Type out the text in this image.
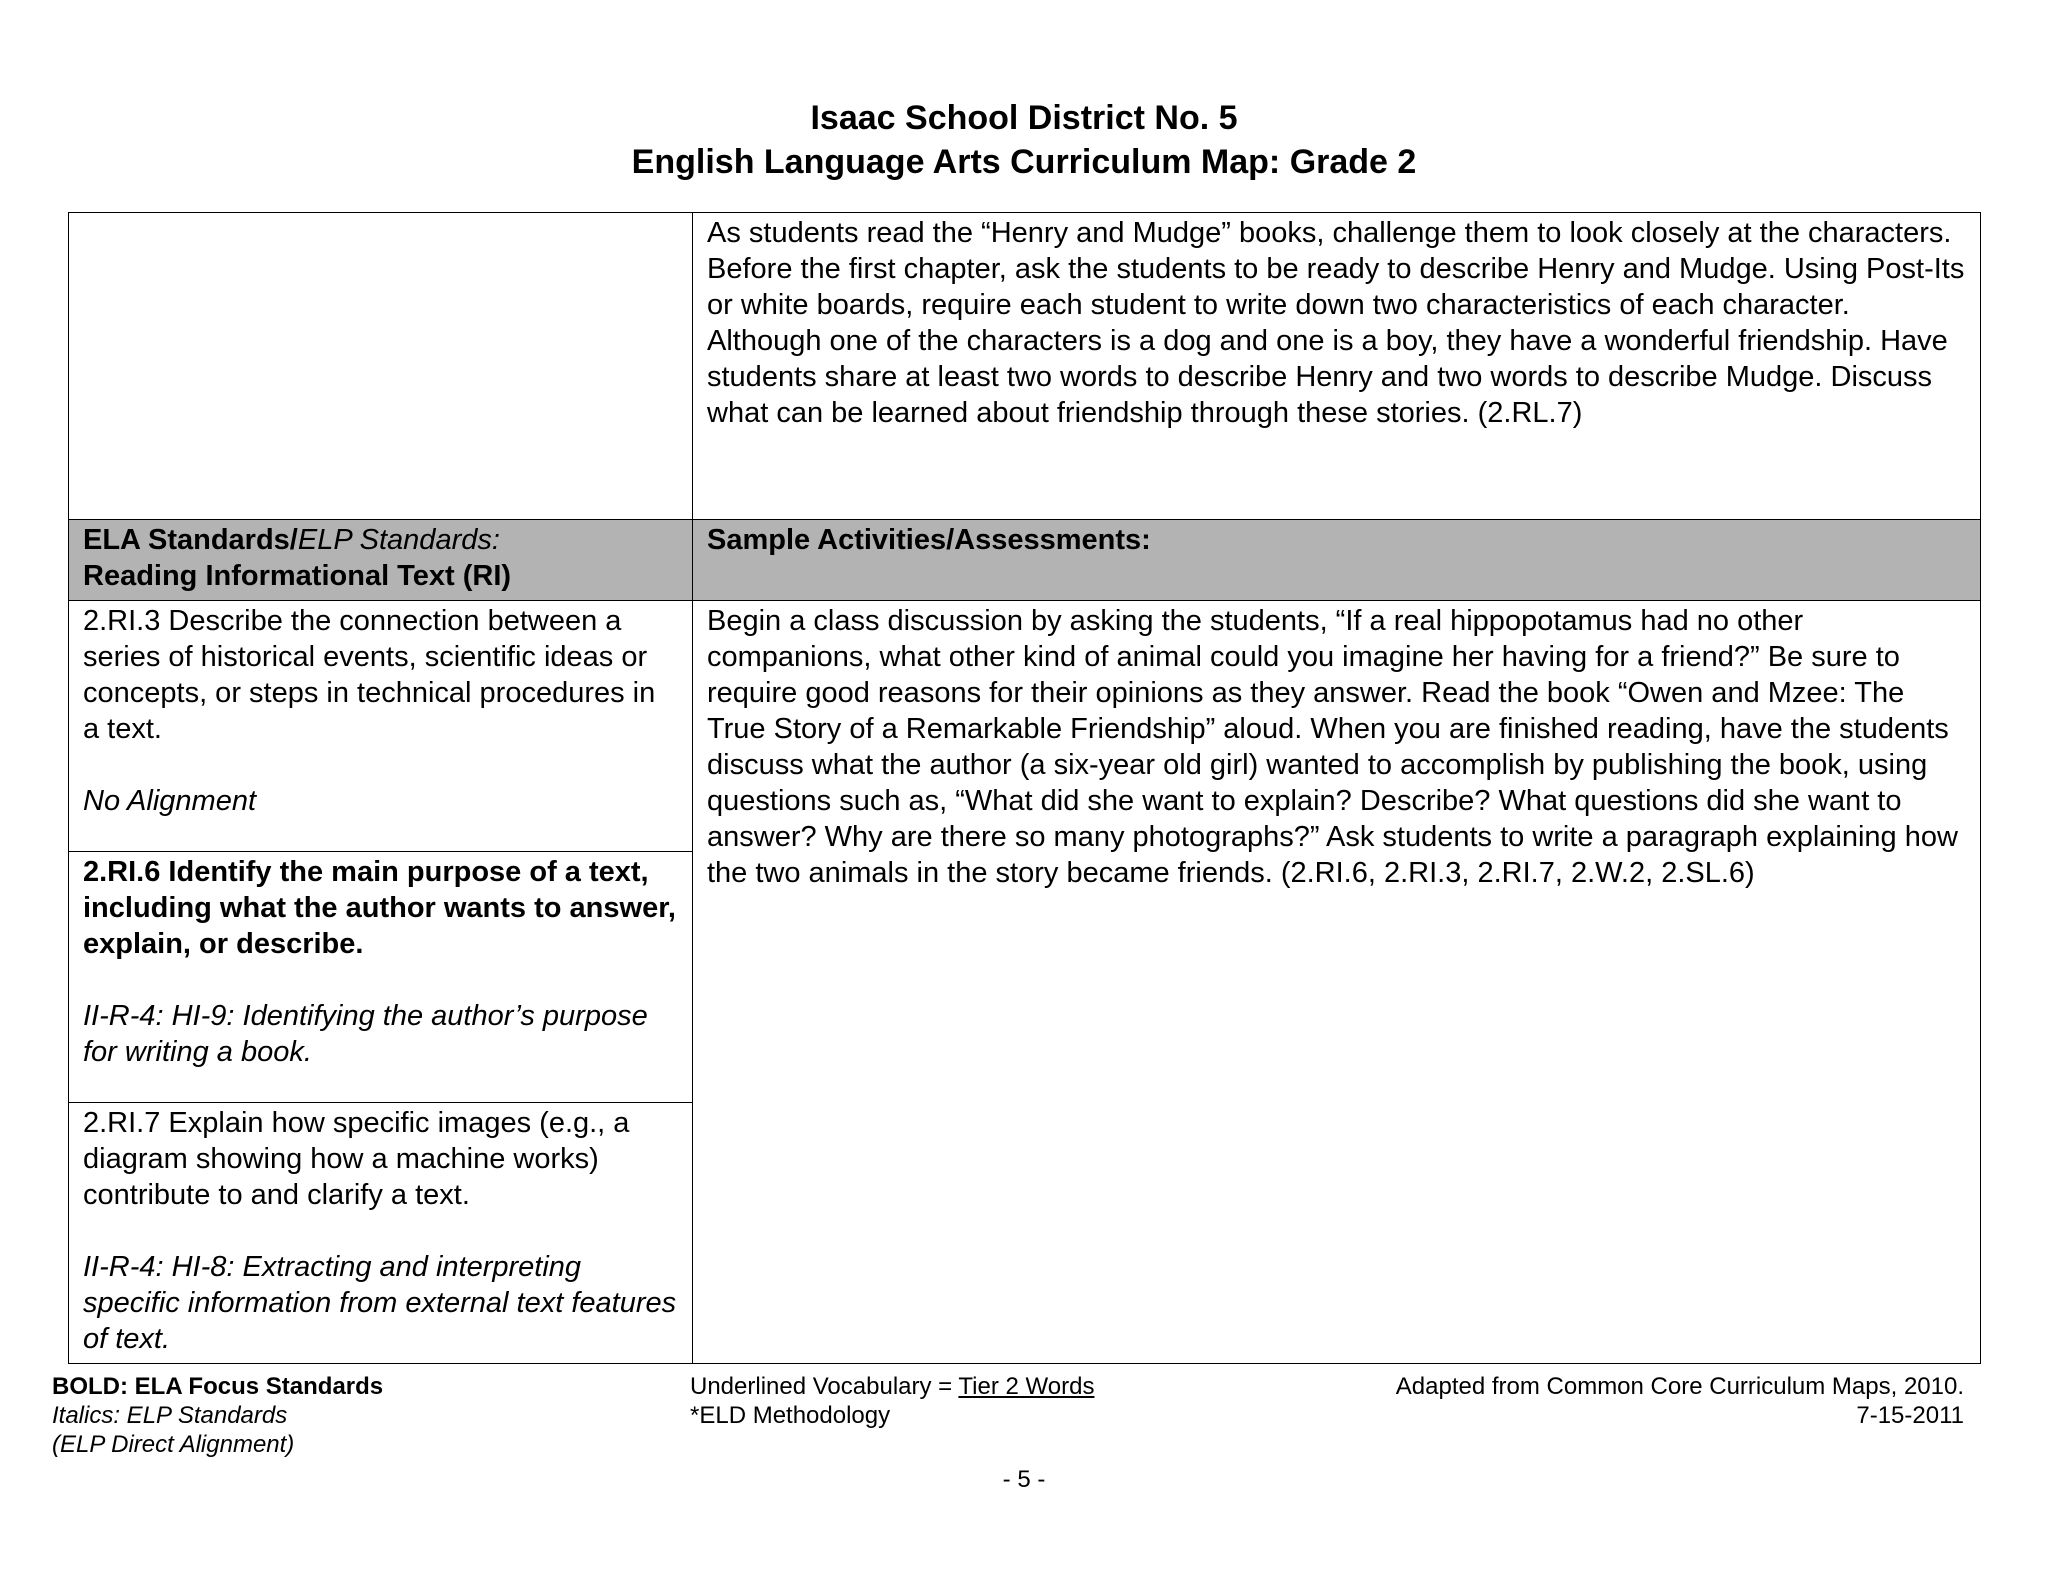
Isaac School District No. 5
English Language Arts Curriculum Map: Grade 2

	As students read the “Henry and Mudge” books, challenge them to look closely at the characters. Before the first chapter, ask the students to be ready to describe Henry and Mudge. Using Post-Its or white boards, require each student to write down two characteristics of each character. Although one of the characters is a dog and one is a boy, they have a wonderful friendship. Have students share at least two words to describe Henry and two words to describe Mudge. Discuss what can be learned about friendship through these stories. (2.RL.7)

ELA Standards/ELP Standards:
Reading Informational Text (RI)	Sample Activities/Assessments:

2.RI.3 Describe the connection between a series of historical events, scientific ideas or concepts, or steps in technical procedures in a text.

No Alignment	Begin a class discussion by asking the students, “If a real hippopotamus had no other companions, what other kind of animal could you imagine her having for a friend?” Be sure to require good reasons for their opinions as they answer. Read the book “Owen and Mzee: The True Story of a Remarkable Friendship” aloud. When you are finished reading, have the students discuss what the author (a six-year old girl) wanted to accomplish by publishing the book, using questions such as, “What did she want to explain? Describe? What questions did she want to answer? Why are there so many photographs?” Ask students to write a paragraph explaining how the two animals in the story became friends. (2.RI.6, 2.RI.3, 2.RI.7, 2.W.2, 2.SL.6)

2.RI.6 Identify the main purpose of a text, including what the author wants to answer, explain, or describe.

II-R-4: HI-9: Identifying the author’s purpose for writing a book.	

2.RI.7 Explain how specific images (e.g., a diagram showing how a machine works) contribute to and clarify a text.

II-R-4: HI-8: Extracting and interpreting specific information from external text features of text.	

BOLD: ELA Focus Standards
Italics: ELP Standards
(ELP Direct Alignment)
Underlined Vocabulary = Tier 2 Words
*ELD Methodology
Adapted from Common Core Curriculum Maps, 2010.
7-15-2011
- 5 -
